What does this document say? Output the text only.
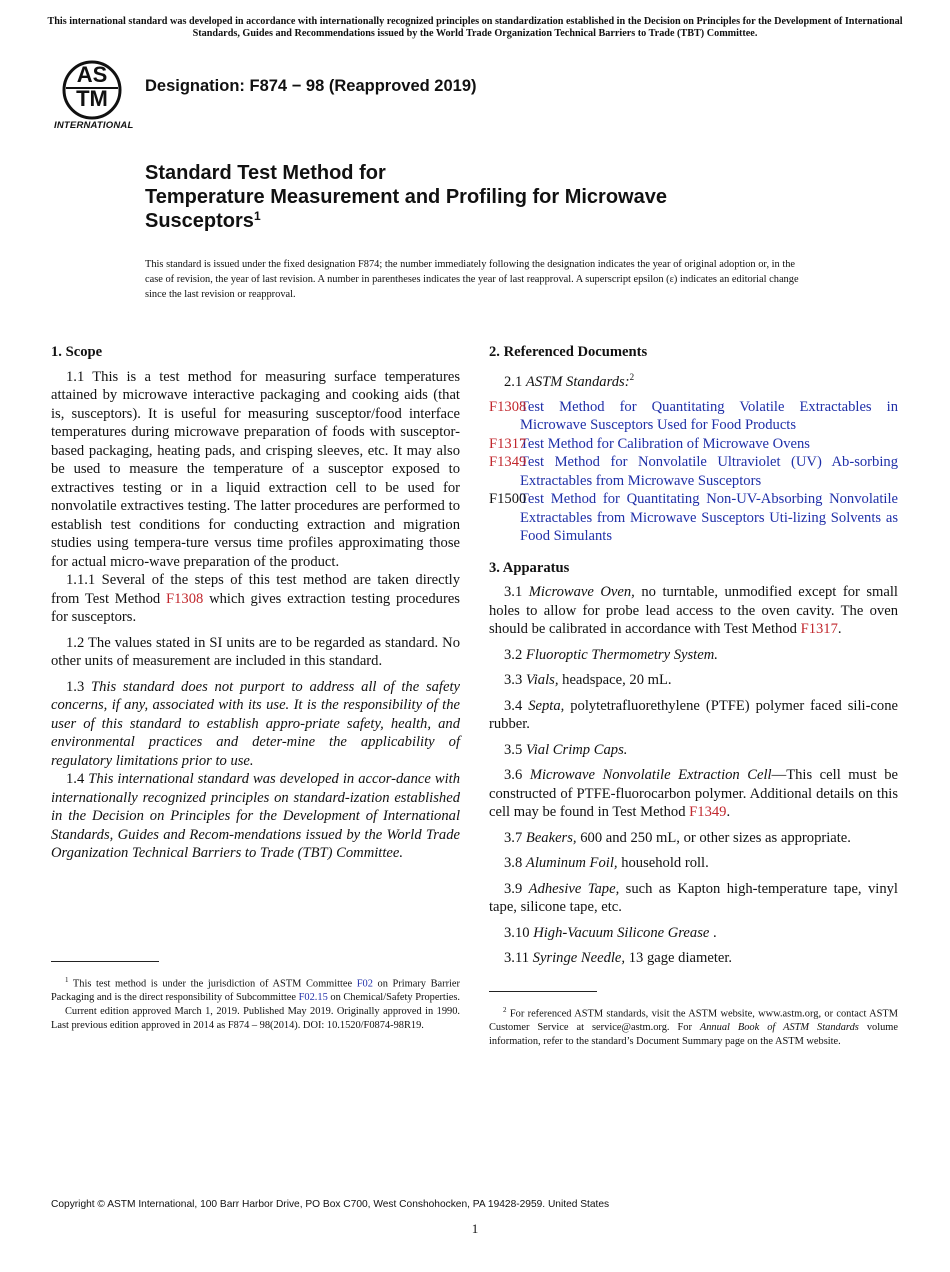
This international standard was developed in accordance with internationally recognized principles on standardization established in the Decision on Principles for the Development of International Standards, Guides and Recommendations issued by the World Trade Organization Technical Barriers to Trade (TBT) Committee.
AS
TM
INTERNATIONAL
Designation: F874 − 98 (Reapproved 2019)
Standard Test Method for
Temperature Measurement and Profiling for Microwave
Susceptors$^1$
This standard is issued under the fixed designation F874; the number immediately following the designation indicates the year of original adoption or, in the case of revision, the year of last revision. A number in parentheses indicates the year of last reapproval. A superscript epsilon (ε) indicates an editorial change since the last revision or reapproval.
1. Scope

1.1 This is a test method for measuring surface temperatures attained by microwave interactive packaging and cooking aids (that is, susceptors). It is useful for measuring susceptor/food interface temperatures during microwave preparation of foods with susceptor-based packaging, heating pads, and crisping sleeves, etc. It may also be used to measure the temperature of a susceptor exposed to extractives testing or in a liquid extraction cell to be used for nonvolatile extractives testing. The latter procedures are performed to establish test conditions for conducting extraction and migration studies using tempera-ture versus time profiles approximating those for actual micro-wave preparation of the product.

1.1.1 Several of the steps of this test method are taken directly from Test Method F1308 which gives extraction testing procedures for susceptors.

1.2 The values stated in SI units are to be regarded as standard. No other units of measurement are included in this standard.

1.3 This standard does not purport to address all of the safety concerns, if any, associated with its use. It is the responsibility of the user of this standard to establish appro-priate safety, health, and environmental practices and deter-mine the applicability of regulatory limitations prior to use.

1.4 This international standard was developed in accor-dance with internationally recognized principles on standard-ization established in the Decision on Principles for the Development of International Standards, Guides and Recom-mendations issued by the World Trade Organization Technical Barriers to Trade (TBT) Committee.

$^1$ This test method is under the jurisdiction of ASTM Committee F02 on Primary Barrier Packaging and is the direct responsibility of Subcommittee F02.15 on Chemical/Safety Properties.

Current edition approved March 1, 2019. Published May 2019. Originally approved in 1990. Last previous edition approved in 2014 as F874 – 98(2014). DOI: 10.1520/F0874-98R19.

2. Referenced Documents

2.1 ASTM Standards:$^2$

F1308
Test Method for Quantitating Volatile Extractables in Microwave Susceptors Used for Food Products
F1317
Test Method for Calibration of Microwave Ovens
F1349
Test Method for Nonvolatile Ultraviolet (UV) Ab-sorbing Extractables from Microwave Susceptors
F1500
Test Method for Quantitating Non-UV-Absorbing Nonvolatile Extractables from Microwave Susceptors Uti-lizing Solvents as Food Simulants
3. Apparatus

3.1 Microwave Oven, no turntable, unmodified except for small holes to allow for probe lead access to the oven cavity. The oven should be calibrated in accordance with Test Method F1317.

3.2 Fluoroptic Thermometry System.

3.3 Vials, headspace, 20 mL.

3.4 Septa, polytetrafluorethylene (PTFE) polymer faced sili-cone rubber.

3.5 Vial Crimp Caps.

3.6 Microwave Nonvolatile Extraction Cell—This cell must be constructed of PTFE-fluorocarbon polymer. Additional details on this cell may be found in Test Method F1349.

3.7 Beakers, 600 and 250 mL, or other sizes as appropriate.

3.8 Aluminum Foil, household roll.

3.9 Adhesive Tape, such as Kapton high-temperature tape, vinyl tape, silicone tape, etc.

3.10 High-Vacuum Silicone Grease .

3.11 Syringe Needle, 13 gage diameter.

$^2$ For referenced ASTM standards, visit the ASTM website, www.astm.org, or contact ASTM Customer Service at service@astm.org. For Annual Book of ASTM Standards volume information, refer to the standard’s Document Summary page on the ASTM website.

Copyright © ASTM International, 100 Barr Harbor Drive, PO Box C700, West Conshohocken, PA 19428-2959. United States
1
